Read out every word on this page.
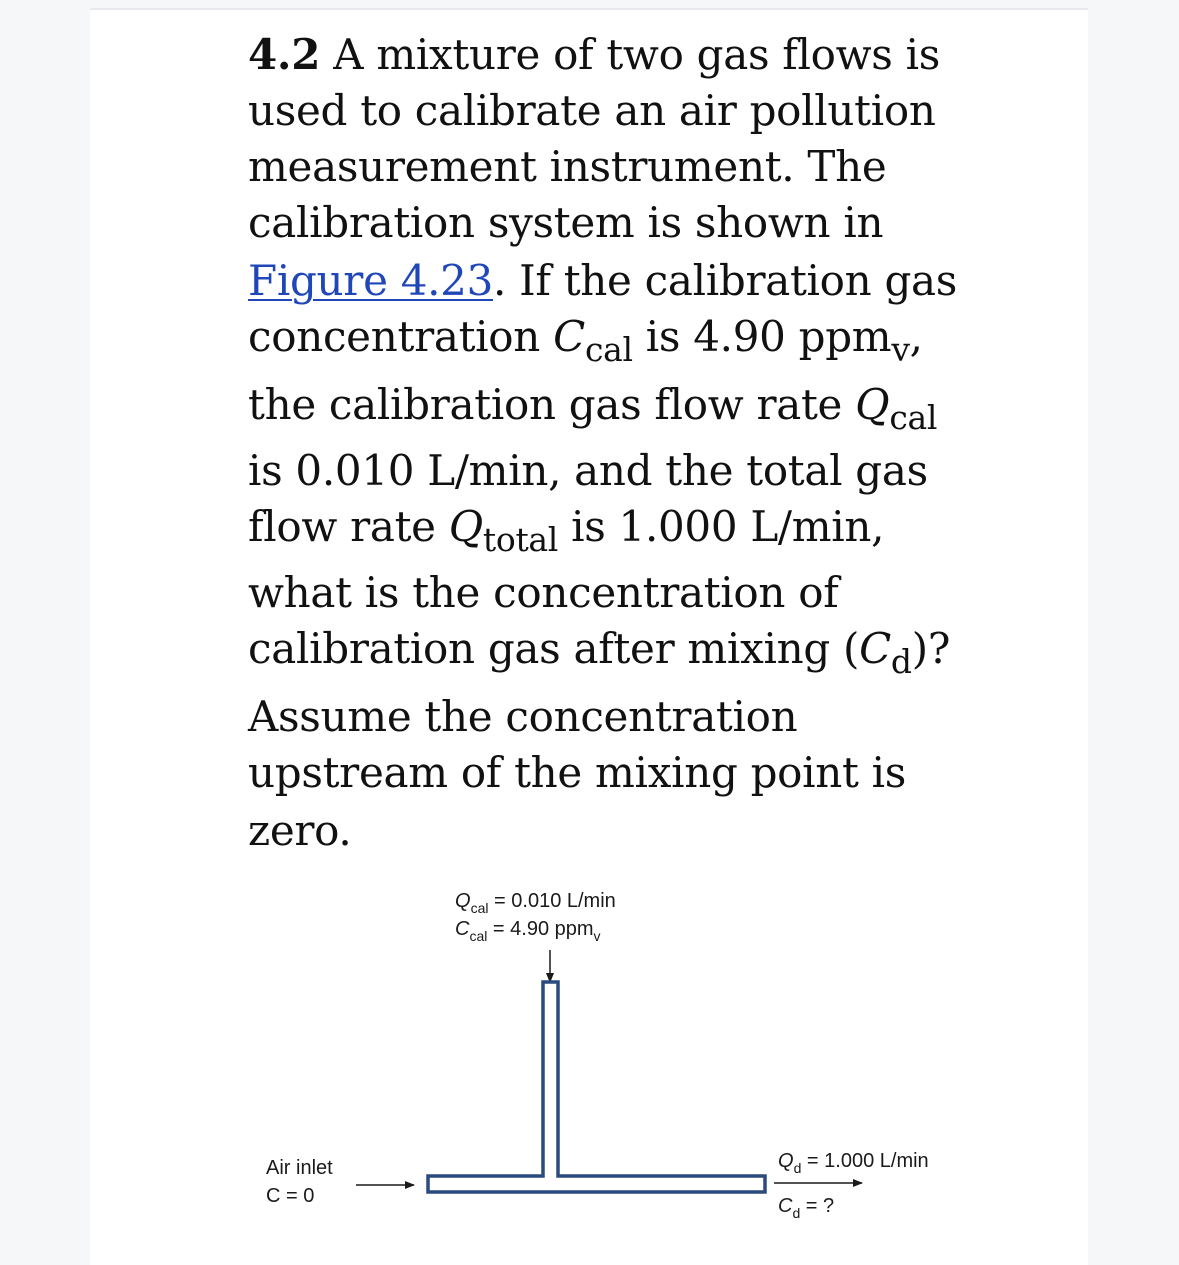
4.2 A mixture of two gas flows is
used to calibrate an air pollution
measurement instrument. The
calibration system is shown in
Figure 4.23. If the calibration gas
concentration $C_{cal}$ is 4.90 ppm$_v$,
the calibration gas flow rate $Q_{cal}$
is 0.010 L/min, and the total gas
flow rate $Q_{total}$ is 1.000 L/min,
what is the concentration of
calibration gas after mixing $(C_d)$?
Assume the concentration
upstream of the mixing point is
zero.
$Q_{cal} = 0.010$ L/min
$C_{cal} = 4.90$ ppm$_v$
Air inlet
C = 0
$Q_d = 1.000$ L/min
$C_d$ = ?
